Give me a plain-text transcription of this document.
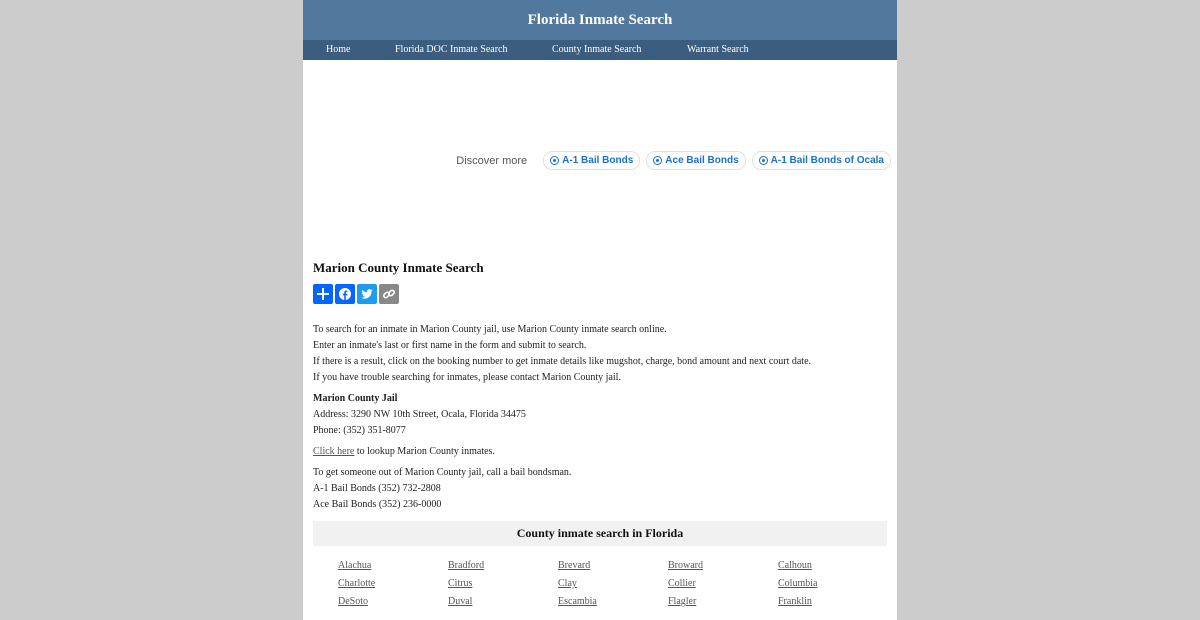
Florida Inmate Search
Home	Florida DOC Inmate Search	County Inmate Search	Warrant Search
Discover more	A-1 Bail Bonds	Ace Bail Bonds	A-1 Bail Bonds of Ocala
Marion County Inmate Search

To search for an inmate in Marion County jail, use Marion County inmate search online.

Enter an inmate's last or first name in the form and submit to search.

If there is a result, click on the booking number to get inmate details like mugshot, charge, bond amount and next court date.

If you have trouble searching for inmates, please contact Marion County jail.

Marion County Jail

Address: 3290 NW 10th Street, Ocala, Florida 34475

Phone: (352) 351-8077

Click here to lookup Marion County inmates.

To get someone out of Marion County jail, call a bail bondsman.

A-1 Bail Bonds (352) 732-2808

Ace Bail Bonds (352) 236-0000

County inmate search in Florida
Alachua	Bradford	Brevard	Broward	Calhoun
Charlotte	Citrus	Clay	Collier	Columbia
DeSoto	Duval	Escambia	Flagler	Franklin
